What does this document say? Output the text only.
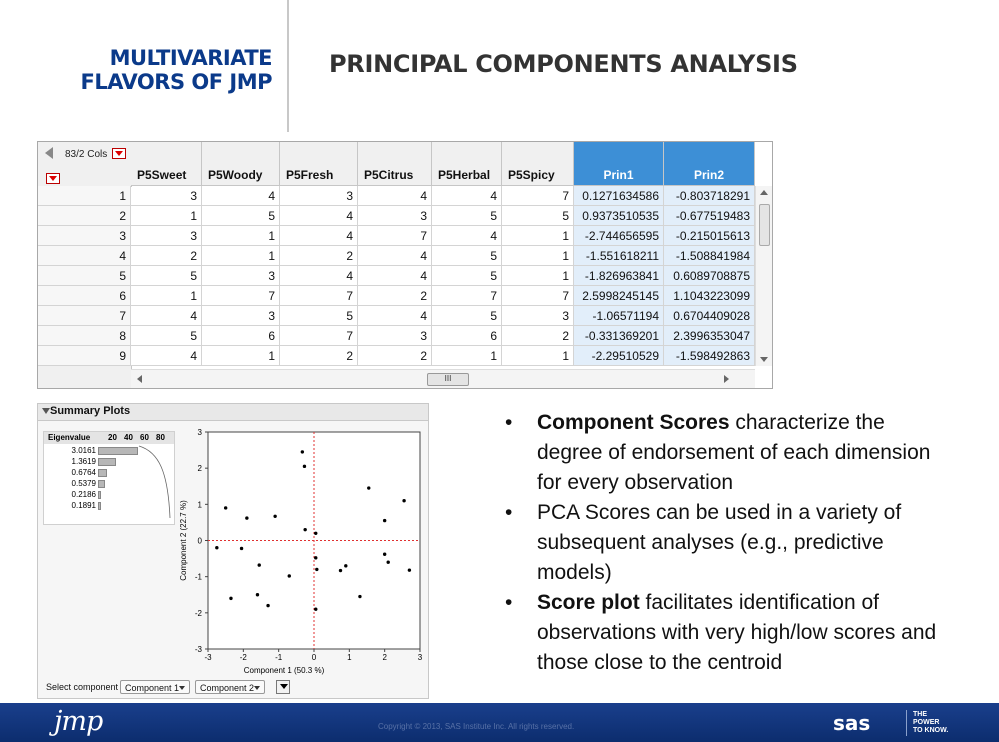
MULTIVARIATE
FLAVORS OF JMP
PRINCIPAL COMPONENTS ANALYSIS
83/2 Cols
P5Sweet P5Woody P5Fresh	P5Citrus P5Herbal P5Spicy	Prin1	Prin2
1	3	4	3	4	4	7	0.1271634586	-0.803718291
2	1	5	4	3	5	5	0.9373510535	-0.677519483
3	3	1	4	7	4	1	-2.744656595	-0.215015613
4	2	1	2	4	5	1	-1.551618211	-1.508841984
5	5	3	4	4	5	1	-1.826963841	0.6089708875
6	1	7	7	2	7	7	2.5998245145	1.1043223099
7	4	3	5	4	5	3	-1.06571194	0.6704409028
8	5	6	7	3	6	2	-0.331369201	2.3996353047
9	4	1	2	2	1	1	-2.29510529	-1.598492863
III
Summary Plots
Eigenvalue 20 40 60 80
3.0161
1.3619
0.6764
0.5379
0.2186
0.1891
-3	-2	-1	0	1	2	3
3
2
1
0
-1
-2
-3
Component 1 (50.3 %)
Component 2 (22.7 %)
Select component Component 1	Component 2
• Component Scores characterize the degree of endorsement of each dimension for every observation
• PCA Scores can be used in a variety of subsequent analyses (e.g., predictive models)
• Score plot facilitates identification of observations with very high/low scores and those close to the centroid
jmp	Copyright © 2013, SAS Institute Inc. All rights reserved.	sas	THE
POWER
TO KNOW.
